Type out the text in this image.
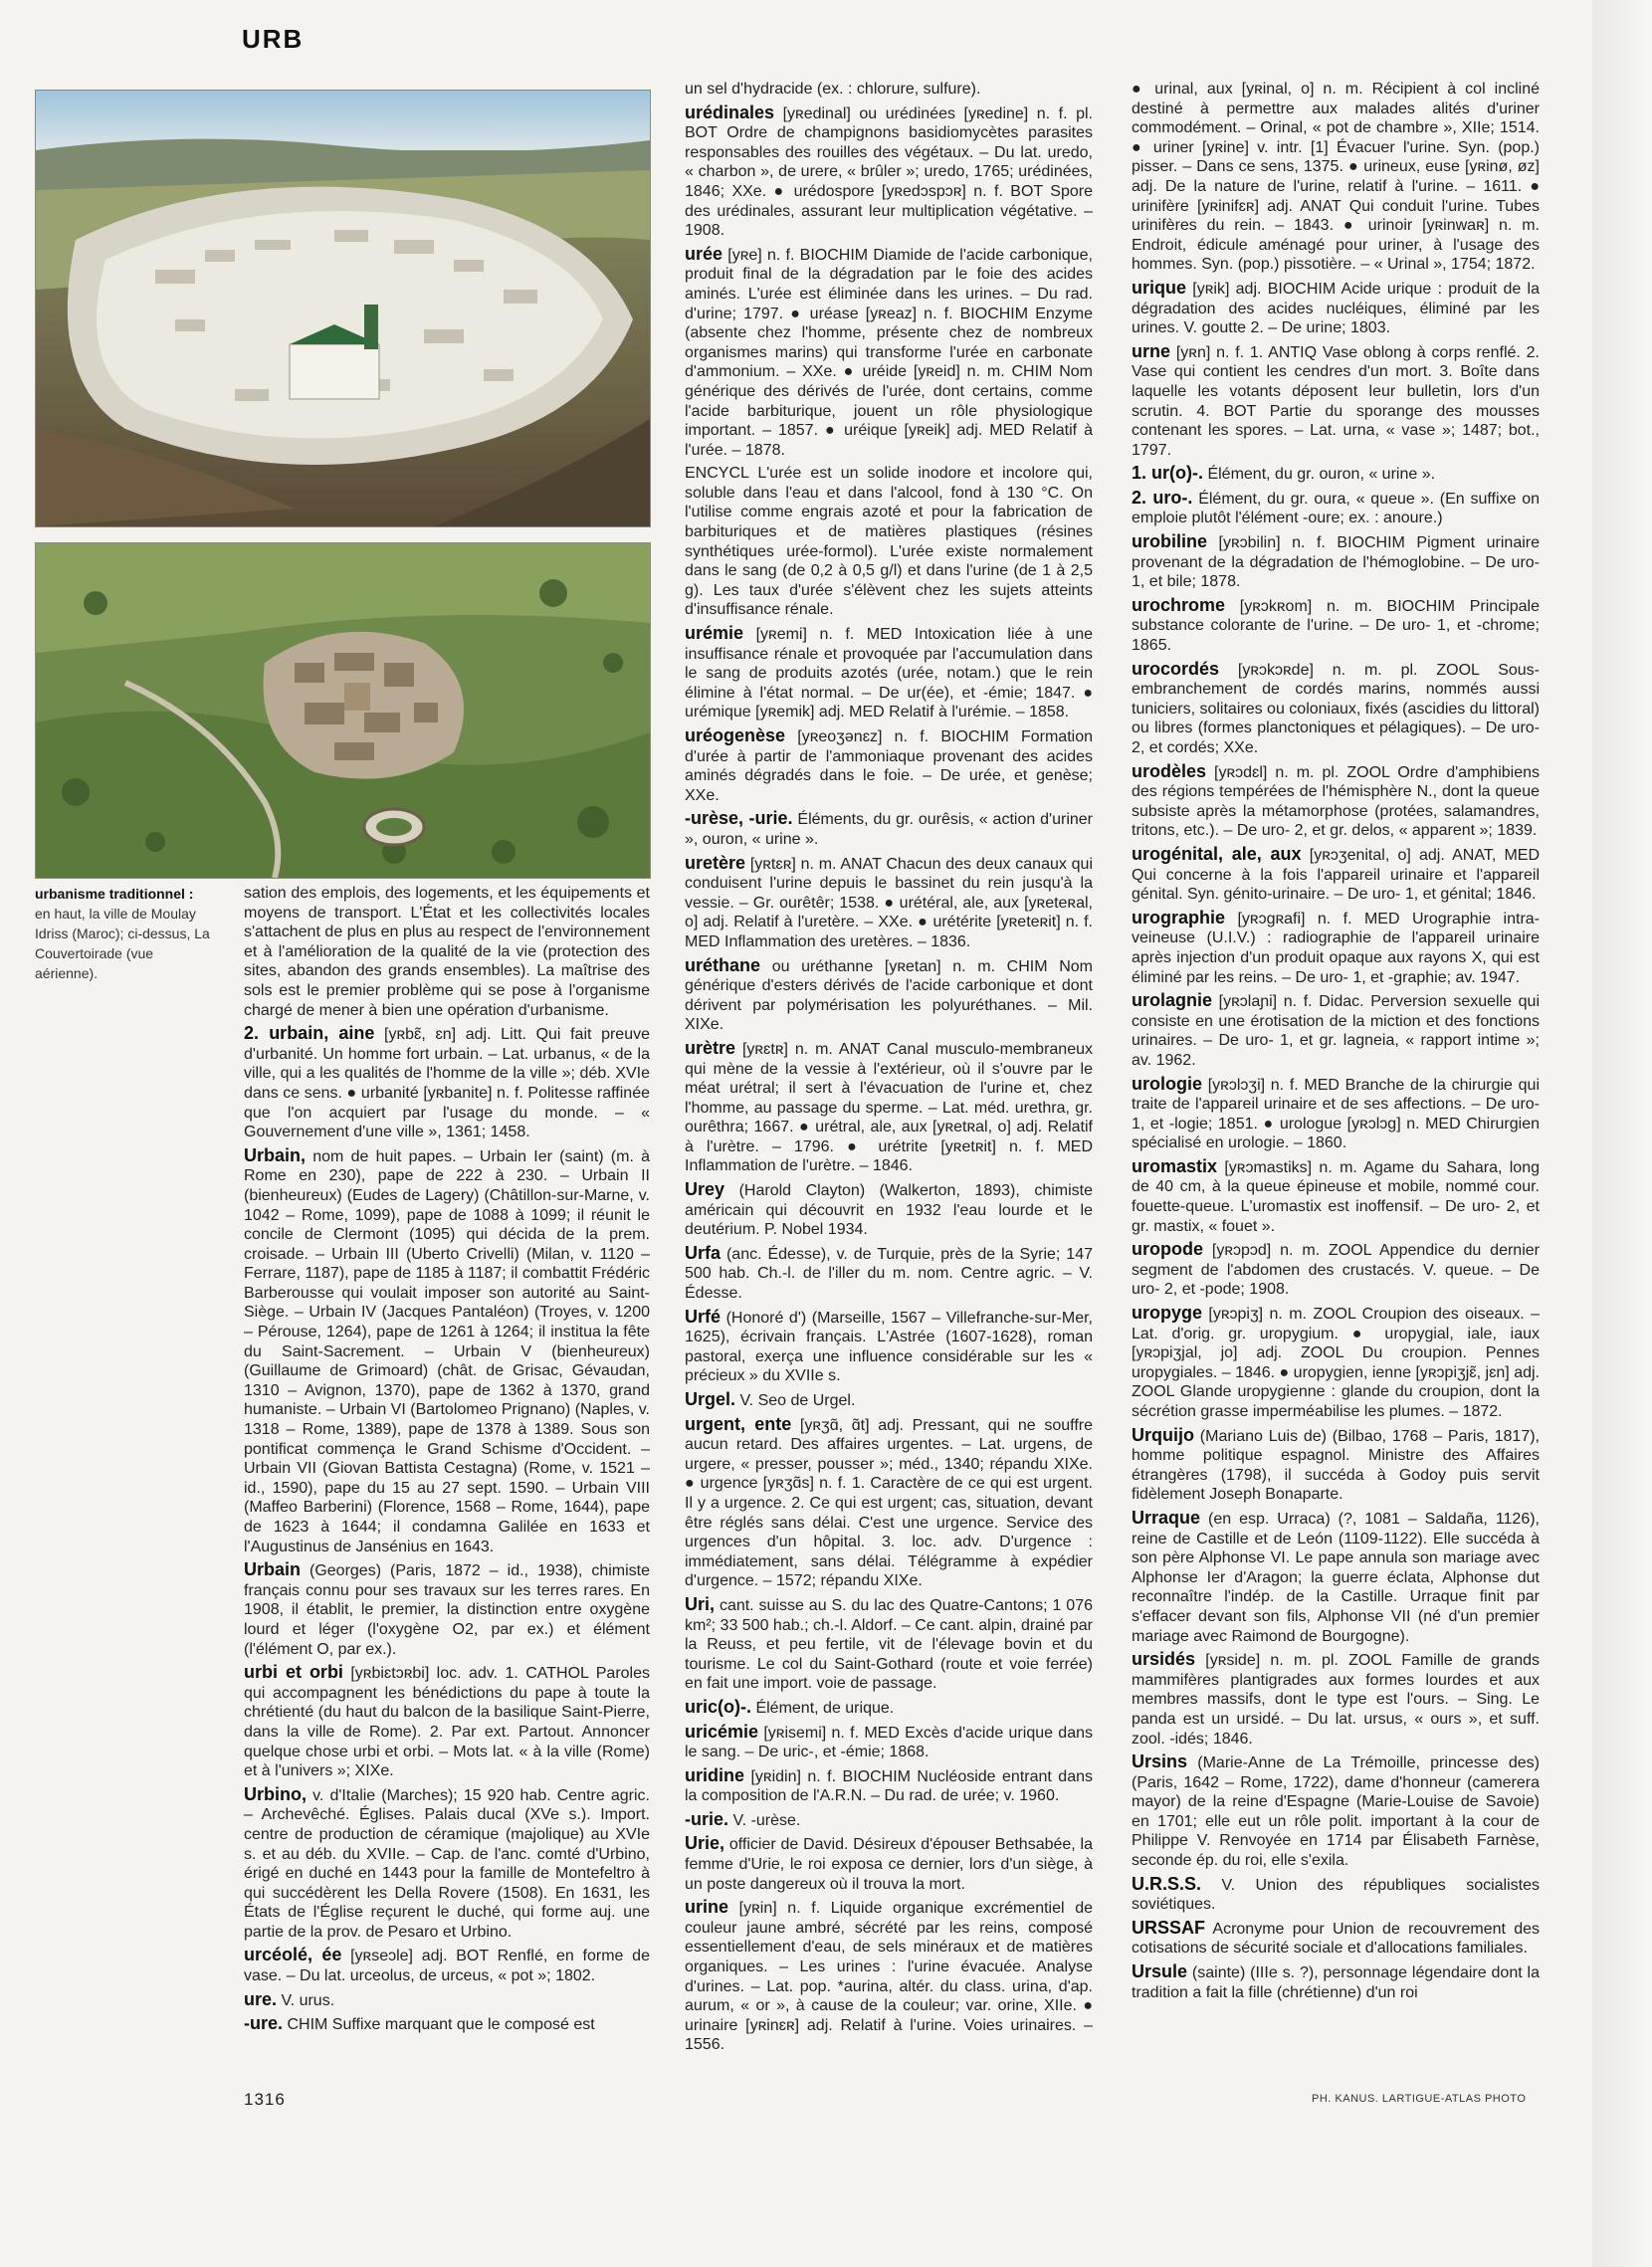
URB
urbanisme traditionnel :
en haut, la ville de Moulay Idriss (Maroc); ci-dessus, La Couvertoirade (vue aérienne).

sation des emplois, des logements, et les équipements et moyens de transport. L'État et les collectivités locales s'attachent de plus en plus au respect de l'environnement et à l'amélioration de la qualité de la vie (protection des sites, abandon des grands ensembles). La maîtrise des sols est le premier problème qui se pose à l'organisme chargé de mener à bien une opération d'urbanisme.

2. urbain, aine [yʀbɛ̃, ɛn] adj. Litt. Qui fait preuve d'urbanité. Un homme fort urbain. – Lat. urbanus, « de la ville, qui a les qualités de l'homme de la ville »; déb. XVIe dans ce sens. ● urbanité [yʀbanite] n. f. Politesse raffinée que l'on acquiert par l'usage du monde. – « Gouvernement d'une ville », 1361; 1458.

Urbain, nom de huit papes. – Urbain Ier (saint) (m. à Rome en 230), pape de 222 à 230. – Urbain II (bienheureux) (Eudes de Lagery) (Châtillon-sur-Marne, v. 1042 – Rome, 1099), pape de 1088 à 1099; il réunit le concile de Clermont (1095) qui décida de la prem. croisade. – Urbain III (Uberto Crivelli) (Milan, v. 1120 – Ferrare, 1187), pape de 1185 à 1187; il combattit Frédéric Barberousse qui voulait imposer son autorité au Saint-Siège. – Urbain IV (Jacques Pantaléon) (Troyes, v. 1200 – Pérouse, 1264), pape de 1261 à 1264; il institua la fête du Saint-Sacrement. – Urbain V (bienheureux) (Guillaume de Grimoard) (chât. de Grisac, Gévaudan, 1310 – Avignon, 1370), pape de 1362 à 1370, grand humaniste. – Urbain VI (Bartolomeo Prignano) (Naples, v. 1318 – Rome, 1389), pape de 1378 à 1389. Sous son pontificat commença le Grand Schisme d'Occident. – Urbain VII (Giovan Battista Cestagna) (Rome, v. 1521 – id., 1590), pape du 15 au 27 sept. 1590. – Urbain VIII (Maffeo Barberini) (Florence, 1568 – Rome, 1644), pape de 1623 à 1644; il condamna Galilée en 1633 et l'Augustinus de Jansénius en 1643.

Urbain (Georges) (Paris, 1872 – id., 1938), chimiste français connu pour ses travaux sur les terres rares. En 1908, il établit, le premier, la distinction entre oxygène lourd et léger (l'oxygène O2, par ex.) et élément (l'élément O, par ex.).

urbi et orbi [yʀbiɛtɔʀbi] loc. adv. 1. CATHOL Paroles qui accompagnent les bénédictions du pape à toute la chrétienté (du haut du balcon de la basilique Saint-Pierre, dans la ville de Rome). 2. Par ext. Partout. Annoncer quelque chose urbi et orbi. – Mots lat. « à la ville (Rome) et à l'univers »; XIXe.

Urbino, v. d'Italie (Marches); 15 920 hab. Centre agric. – Archevêché. Églises. Palais ducal (XVe s.). Import. centre de production de céramique (majolique) au XVIe s. et au déb. du XVIIe. – Cap. de l'anc. comté d'Urbino, érigé en duché en 1443 pour la famille de Montefeltro à qui succédèrent les Della Rovere (1508). En 1631, les États de l'Église reçurent le duché, qui forme auj. une partie de la prov. de Pesaro et Urbino.

urcéolé, ée [yʀseɔle] adj. BOT Renflé, en forme de vase. – Du lat. urceolus, de urceus, « pot »; 1802.

ure. V. urus.

-ure. CHIM Suffixe marquant que le composé est

un sel d'hydracide (ex. : chlorure, sulfure).

urédinales [yʀedinal] ou urédinées [yʀedine] n. f. pl. BOT Ordre de champignons basidiomycètes parasites responsables des rouilles des végétaux. – Du lat. uredo, « charbon », de urere, « brûler »; uredo, 1765; urédinées, 1846; XXe. ● urédospore [yʀedɔspɔʀ] n. f. BOT Spore des urédinales, assurant leur multiplication végétative. – 1908.

urée [yʀe] n. f. BIOCHIM Diamide de l'acide carbonique, produit final de la dégradation par le foie des acides aminés. L'urée est éliminée dans les urines. – Du rad. d'urine; 1797. ● uréase [yʀeaz] n. f. BIOCHIM Enzyme (absente chez l'homme, présente chez de nombreux organismes marins) qui transforme l'urée en carbonate d'ammonium. – XXe. ● uréide [yʀeid] n. m. CHIM Nom générique des dérivés de l'urée, dont certains, comme l'acide barbiturique, jouent un rôle physiologique important. – 1857. ● uréique [yʀeik] adj. MED Relatif à l'urée. – 1878.

ENCYCL L'urée est un solide inodore et incolore qui, soluble dans l'eau et dans l'alcool, fond à 130 °C. On l'utilise comme engrais azoté et pour la fabrication de barbituriques et de matières plastiques (résines synthétiques urée-formol). L'urée existe normalement dans le sang (de 0,2 à 0,5 g/l) et dans l'urine (de 1 à 2,5 g). Les taux d'urée s'élèvent chez les sujets atteints d'insuffisance rénale.

urémie [yʀemi] n. f. MED Intoxication liée à une insuffisance rénale et provoquée par l'accumulation dans le sang de produits azotés (urée, notam.) que le rein élimine à l'état normal. – De ur(ée), et -émie; 1847. ● urémique [yʀemik] adj. MED Relatif à l'urémie. – 1858.

uréogenèse [yʀeoʒənɛz] n. f. BIOCHIM Formation d'urée à partir de l'ammoniaque provenant des acides aminés dégradés dans le foie. – De urée, et genèse; XXe.

-urèse, -urie. Éléments, du gr. ourêsis, « action d'uriner », ouron, « urine ».

uretère [yʀtɛʀ] n. m. ANAT Chacun des deux canaux qui conduisent l'urine depuis le bassinet du rein jusqu'à la vessie. – Gr. ourêtêr; 1538. ● urétéral, ale, aux [yʀeteʀal, o] adj. Relatif à l'uretère. – XXe. ● urétérite [yʀeteʀit] n. f. MED Inflammation des uretères. – 1836.

uréthane ou uréthanne [yʀetan] n. m. CHIM Nom générique d'esters dérivés de l'acide carbonique et dont dérivent par polymérisation les polyuréthanes. – Mil. XIXe.

urètre [yʀɛtʀ] n. m. ANAT Canal musculo-membraneux qui mène de la vessie à l'extérieur, où il s'ouvre par le méat urétral; il sert à l'évacuation de l'urine et, chez l'homme, au passage du sperme. – Lat. méd. urethra, gr. ourêthra; 1667. ● urétral, ale, aux [yʀetʀal, o] adj. Relatif à l'urètre. – 1796. ● urétrite [yʀetʀit] n. f. MED Inflammation de l'urètre. – 1846.

Urey (Harold Clayton) (Walkerton, 1893), chimiste américain qui découvrit en 1932 l'eau lourde et le deutérium. P. Nobel 1934.

Urfa (anc. Édesse), v. de Turquie, près de la Syrie; 147 500 hab. Ch.-l. de l'iller du m. nom. Centre agric. – V. Édesse.

Urfé (Honoré d') (Marseille, 1567 – Villefranche-sur-Mer, 1625), écrivain français. L'Astrée (1607-1628), roman pastoral, exerça une influence considérable sur les « précieux » du XVIIe s.

Urgel. V. Seo de Urgel.

urgent, ente [yʀʒɑ̃, ɑ̃t] adj. Pressant, qui ne souffre aucun retard. Des affaires urgentes. – Lat. urgens, de urgere, « presser, pousser »; méd., 1340; répandu XIXe. ● urgence [yʀʒɑ̃s] n. f. 1. Caractère de ce qui est urgent. Il y a urgence. 2. Ce qui est urgent; cas, situation, devant être réglés sans délai. C'est une urgence. Service des urgences d'un hôpital. 3. loc. adv. D'urgence : immédiatement, sans délai. Télégramme à expédier d'urgence. – 1572; répandu XIXe.

Uri, cant. suisse au S. du lac des Quatre-Cantons; 1 076 km²; 33 500 hab.; ch.-l. Aldorf. – Ce cant. alpin, drainé par la Reuss, et peu fertile, vit de l'élevage bovin et du tourisme. Le col du Saint-Gothard (route et voie ferrée) en fait une import. voie de passage.

uric(o)-. Élément, de urique.

uricémie [yʀisemi] n. f. MED Excès d'acide urique dans le sang. – De uric-, et -émie; 1868.

uridine [yʀidin] n. f. BIOCHIM Nucléoside entrant dans la composition de l'A.R.N. – Du rad. de urée; v. 1960.

-urie. V. -urèse.

Urie, officier de David. Désireux d'épouser Bethsabée, la femme d'Urie, le roi exposa ce dernier, lors d'un siège, à un poste dangereux où il trouva la mort.

urine [yʀin] n. f. Liquide organique excrémentiel de couleur jaune ambré, sécrété par les reins, composé essentiellement d'eau, de sels minéraux et de matières organiques. – Les urines : l'urine évacuée. Analyse d'urines. – Lat. pop. *aurina, altér. du class. urina, d'ap. aurum, « or », à cause de la couleur; var. orine, XIIe. ● urinaire [yʀinɛʀ] adj. Relatif à l'urine. Voies urinaires. – 1556.

● urinal, aux [yʀinal, o] n. m. Récipient à col incliné destiné à permettre aux malades alités d'uriner commodément. – Orinal, « pot de chambre », XIIe; 1514. ● uriner [yʀine] v. intr. [1] Évacuer l'urine. Syn. (pop.) pisser. – Dans ce sens, 1375. ● urineux, euse [yʀinø, øz] adj. De la nature de l'urine, relatif à l'urine. – 1611. ● urinifère [yʀinifɛʀ] adj. ANAT Qui conduit l'urine. Tubes urinifères du rein. – 1843. ● urinoir [yʀinwaʀ] n. m. Endroit, édicule aménagé pour uriner, à l'usage des hommes. Syn. (pop.) pissotière. – « Urinal », 1754; 1872.

urique [yʀik] adj. BIOCHIM Acide urique : produit de la dégradation des acides nucléiques, éliminé par les urines. V. goutte 2. – De urine; 1803.

urne [yʀn] n. f. 1. ANTIQ Vase oblong à corps renflé. 2. Vase qui contient les cendres d'un mort. 3. Boîte dans laquelle les votants déposent leur bulletin, lors d'un scrutin. 4. BOT Partie du sporange des mousses contenant les spores. – Lat. urna, « vase »; 1487; bot., 1797.

1. ur(o)-. Élément, du gr. ouron, « urine ».

2. uro-. Élément, du gr. oura, « queue ». (En suffixe on emploie plutôt l'élément -oure; ex. : anoure.)

urobiline [yʀɔbilin] n. f. BIOCHIM Pigment urinaire provenant de la dégradation de l'hémoglobine. – De uro- 1, et bile; 1878.

urochrome [yʀɔkʀom] n. m. BIOCHIM Principale substance colorante de l'urine. – De uro- 1, et -chrome; 1865.

urocordés [yʀɔkɔʀde] n. m. pl. ZOOL Sous-embranchement de cordés marins, nommés aussi tuniciers, solitaires ou coloniaux, fixés (ascidies du littoral) ou libres (formes planctoniques et pélagiques). – De uro- 2, et cordés; XXe.

urodèles [yʀɔdɛl] n. m. pl. ZOOL Ordre d'amphibiens des régions tempérées de l'hémisphère N., dont la queue subsiste après la métamorphose (protées, salamandres, tritons, etc.). – De uro- 2, et gr. delos, « apparent »; 1839.

urogénital, ale, aux [yʀɔʒenital, o] adj. ANAT, MED Qui concerne à la fois l'appareil urinaire et l'appareil génital. Syn. génito-urinaire. – De uro- 1, et génital; 1846.

urographie [yʀɔgʀafi] n. f. MED Urographie intra-veineuse (U.I.V.) : radiographie de l'appareil urinaire après injection d'un produit opaque aux rayons X, qui est éliminé par les reins. – De uro- 1, et -graphie; av. 1947.

urolagnie [yʀɔlaɲi] n. f. Didac. Perversion sexuelle qui consiste en une érotisation de la miction et des fonctions urinaires. – De uro- 1, et gr. lagneia, « rapport intime »; av. 1962.

urologie [yʀɔlɔʒi] n. f. MED Branche de la chirurgie qui traite de l'appareil urinaire et de ses affections. – De uro- 1, et -logie; 1851. ● urologue [yʀɔlɔg] n. MED Chirurgien spécialisé en urologie. – 1860.

uromastix [yʀɔmastiks] n. m. Agame du Sahara, long de 40 cm, à la queue épineuse et mobile, nommé cour. fouette-queue. L'uromastix est inoffensif. – De uro- 2, et gr. mastix, « fouet ».

uropode [yʀɔpɔd] n. m. ZOOL Appendice du dernier segment de l'abdomen des crustacés. V. queue. – De uro- 2, et -pode; 1908.

uropyge [yʀɔpiʒ] n. m. ZOOL Croupion des oiseaux. – Lat. d'orig. gr. uropygium. ● uropygial, iale, iaux [yʀɔpiʒjal, jo] adj. ZOOL Du croupion. Pennes uropygiales. – 1846. ● uropygien, ienne [yʀɔpiʒjɛ̃, jɛn] adj. ZOOL Glande uropygienne : glande du croupion, dont la sécrétion grasse imperméabilise les plumes. – 1872.

Urquijo (Mariano Luis de) (Bilbao, 1768 – Paris, 1817), homme politique espagnol. Ministre des Affaires étrangères (1798), il succéda à Godoy puis servit fidèlement Joseph Bonaparte.

Urraque (en esp. Urraca) (?, 1081 – Saldaña, 1126), reine de Castille et de León (1109-1122). Elle succéda à son père Alphonse VI. Le pape annula son mariage avec Alphonse Ier d'Aragon; la guerre éclata, Alphonse dut reconnaître l'indép. de la Castille. Urraque finit par s'effacer devant son fils, Alphonse VII (né d'un premier mariage avec Raimond de Bourgogne).

ursidés [yʀside] n. m. pl. ZOOL Famille de grands mammifères plantigrades aux formes lourdes et aux membres massifs, dont le type est l'ours. – Sing. Le panda est un ursidé. – Du lat. ursus, « ours », et suff. zool. -idés; 1846.

Ursins (Marie-Anne de La Trémoille, princesse des) (Paris, 1642 – Rome, 1722), dame d'honneur (camerera mayor) de la reine d'Espagne (Marie-Louise de Savoie) en 1701; elle eut un rôle polit. important à la cour de Philippe V. Renvoyée en 1714 par Élisabeth Farnèse, seconde ép. du roi, elle s'exila.

U.R.S.S. V. Union des républiques socialistes soviétiques.

URSSAF Acronyme pour Union de recouvrement des cotisations de sécurité sociale et d'allocations familiales.

Ursule (sainte) (IIIe s. ?), personnage légendaire dont la tradition a fait la fille (chrétienne) d'un roi

1316	PH. KANUS. LARTIGUE-ATLAS PHOTO
